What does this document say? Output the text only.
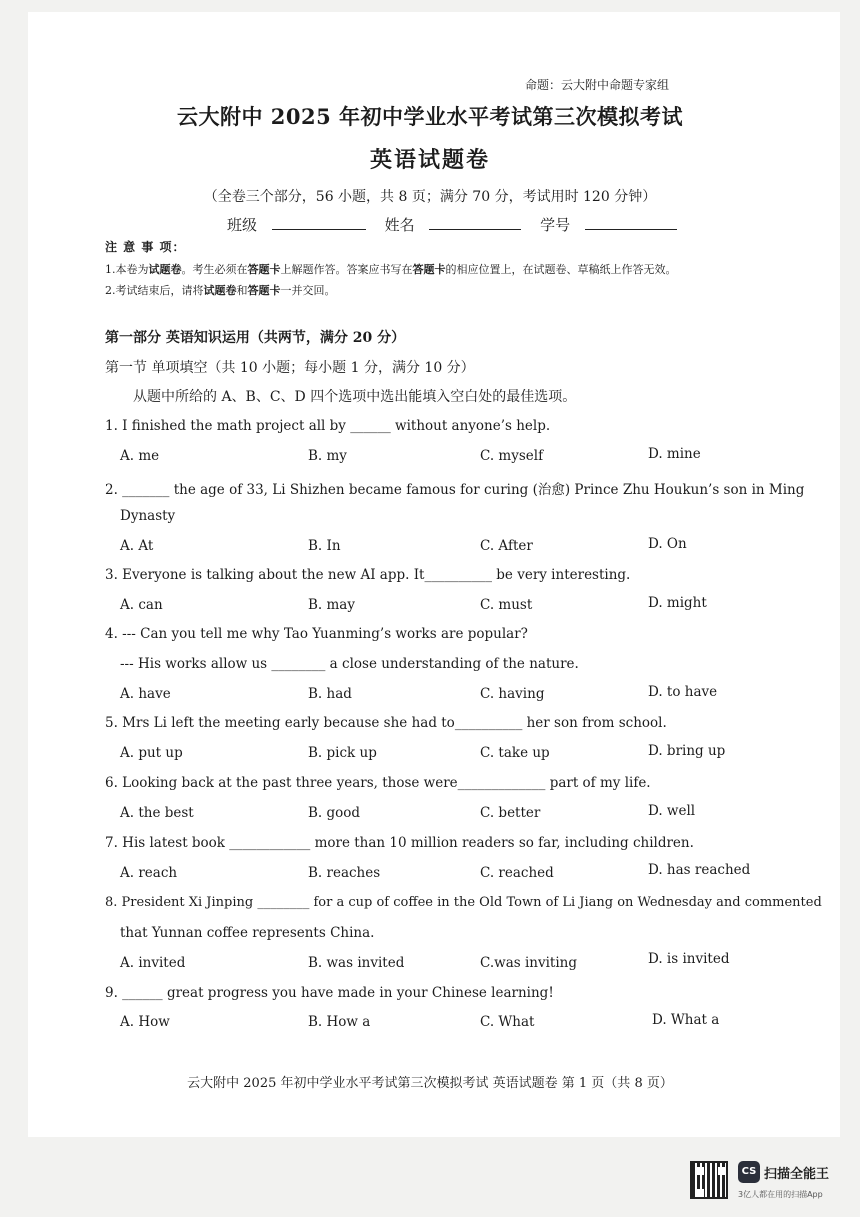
命题：云大附中命题专家组
云大附中 2025 年初中学业水平考试第三次模拟考试
英语试题卷
（全卷三个部分，56 小题，共 8 页；满分 70 分，考试用时 120 分钟）
班级	姓名	学号
注 意 事 项：
1.本卷为试题卷。考生必须在答题卡上解题作答。答案应书写在答题卡的相应位置上，在试题卷、草稿纸上作答无效。
2.考试结束后，请将试题卷和答题卡一并交回。
第一部分 英语知识运用（共两节，满分 20 分）
第一节 单项填空（共 10 小题；每小题 1 分，满分 10 分）
从题中所给的 A、B、C、D 四个选项中选出能填入空白处的最佳选项。
1. I finished the math project all by ______ without anyone’s help.
A. me	B. my	C. myself	D. mine
2. _______ the age of 33, Li Shizhen became famous for curing (治愈) Prince Zhu Houkun’s son in Ming
Dynasty
A. At	B. In	C. After	D. On
3. Everyone is talking about the new AI app. It__________ be very interesting.
A. can	B. may	C. must	D. might
4. --- Can you tell me why Tao Yuanming’s works are popular?
--- His works allow us ________ a close understanding of the nature.
A. have	B. had	C. having	D. to have
5. Mrs Li left the meeting early because she had to__________ her son from school.
A. put up	B. pick up	C. take up	D. bring up
6. Looking back at the past three years, those were_____________ part of my life.
A. the best	B. good	C. better	D. well
7. His latest book ____________ more than 10 million readers so far, including children.
A. reach	B. reaches	C. reached	D. has reached
8. President Xi Jinping ________ for a cup of coffee in the Old Town of Li Jiang on Wednesday and commented
that Yunnan coffee represents China.
A. invited	B. was invited	C.was inviting	D. is invited
9. ______ great progress you have made in your Chinese learning!
A. How	B. How a	C. What	D. What a
云大附中 2025 年初中学业水平考试第三次模拟考试 英语试题卷 第 1 页（共 8 页）
CS 扫描全能王
3亿人都在用的扫描App
